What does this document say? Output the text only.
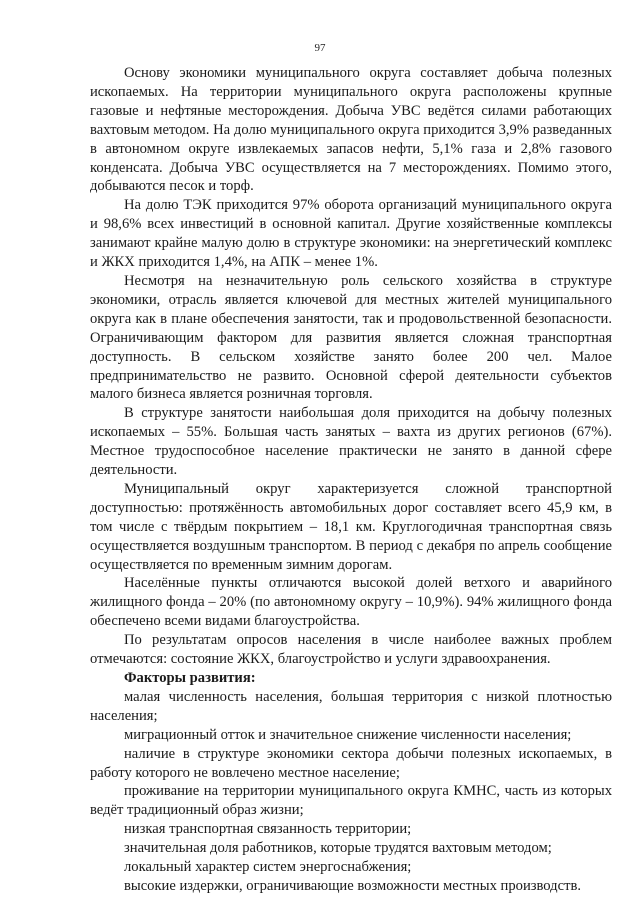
97

Основу экономики муниципального округа составляет добыча полезных ископаемых. На территории муниципального округа расположены крупные газовые и нефтяные месторождения. Добыча УВС ведётся силами работающих вахтовым методом. На долю муниципального округа приходится 3,9% разведанных в автономном округе извлекаемых запасов нефти, 5,1% газа и 2,8% газового конденсата. Добыча УВС осуществляется на 7 месторождениях. Помимо этого, добываются песок и торф.

На долю ТЭК приходится 97% оборота организаций муниципального округа и 98,6% всех инвестиций в основной капитал. Другие хозяйственные комплексы занимают крайне малую долю в структуре экономики: на энергетический комплекс и ЖКХ приходится 1,4%, на АПК – менее 1%.

Несмотря на незначительную роль сельского хозяйства в структуре экономики, отрасль является ключевой для местных жителей муниципального округа как в плане обеспечения занятости, так и продовольственной безопасности. Ограничивающим фактором для развития является сложная транспортная доступность. В сельском хозяйстве занято более 200 чел. Малое предпринимательство не развито. Основной сферой деятельности субъектов малого бизнеса является розничная торговля.

В структуре занятости наибольшая доля приходится на добычу полезных ископаемых – 55%. Большая часть занятых – вахта из других регионов (67%). Местное трудоспособное население практически не занято в данной сфере деятельности.

Муниципальный округ характеризуется сложной транспортной доступностью: протяжённость автомобильных дорог составляет всего 45,9 км, в том числе с твёрдым покрытием – 18,1 км. Круглогодичная транспортная связь осуществляется воздушным транспортом. В период с декабря по апрель сообщение осуществляется по временным зимним дорогам.

Населённые пункты отличаются высокой долей ветхого и аварийного жилищного фонда – 20% (по автономному округу – 10,9%). 94% жилищного фонда обеспечено всеми видами благоустройства.

По результатам опросов населения в числе наиболее важных проблем отмечаются: состояние ЖКХ, благоустройство и услуги здравоохранения.

Факторы развития:

малая численность населения, большая территория с низкой плотностью населения;

миграционный отток и значительное снижение численности населения;

наличие в структуре экономики сектора добычи полезных ископаемых, в работу которого не вовлечено местное население;

проживание на территории муниципального округа КМНС, часть из которых ведёт традиционный образ жизни;

низкая транспортная связанность территории;

значительная доля работников, которые трудятся вахтовым методом;

локальный характер систем энергоснабжения;

высокие издержки, ограничивающие возможности местных производств.
